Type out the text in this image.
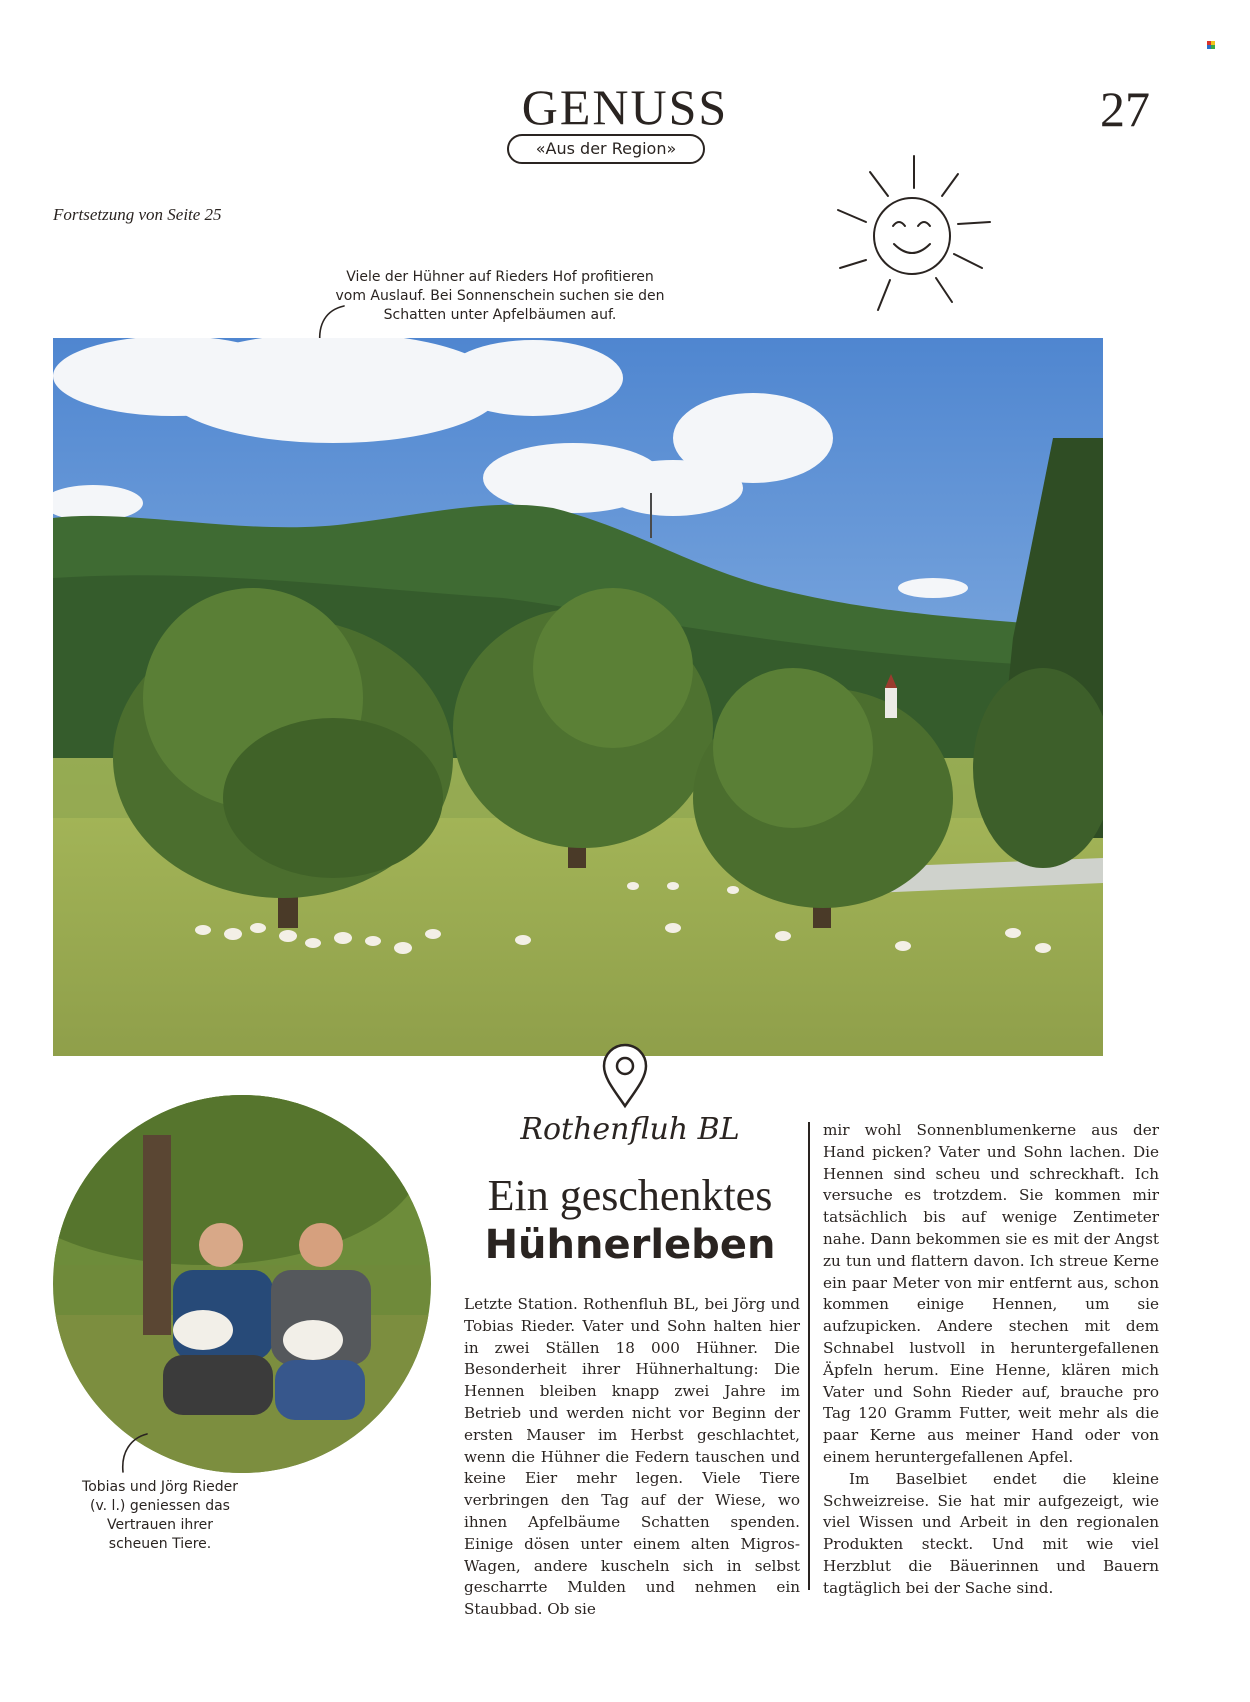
GENUSS
«Aus der Region»
27
Fortsetzung von Seite 25
Viele der Hühner auf Rieders Hof profitieren vom Auslauf. Bei Sonnenschein suchen sie den Schatten unter Apfelbäumen auf.
Tobias und Jörg Rieder (v. l.) geniessen das Vertrauen ihrer scheuen Tiere.
Rothenfluh BL
Ein geschenktes
Hühnerleben
Letzte Station. Rothenfluh BL, bei Jörg und Tobias Rieder. Vater und Sohn halten hier in zwei Ställen 18 000 Hühner. Die Besonderheit ihrer Hühnerhaltung: Die Hennen bleiben knapp zwei Jahre im Betrieb und werden nicht vor Beginn der ersten Mauser im Herbst geschlachtet, wenn die Hühner die Federn tauschen und keine Eier mehr legen. Viele Tiere verbringen den Tag auf der Wiese, wo ihnen Apfelbäume Schatten spenden. Einige dösen unter einem alten Migros-Wagen, andere kuscheln sich in selbst gescharrte Mulden und nehmen ein Staubbad. Ob sie
mir wohl Sonnenblumenkerne aus der Hand picken? Vater und Sohn lachen. Die Hennen sind scheu und schreckhaft. Ich versuche es trotzdem. Sie kommen mir tatsächlich bis auf wenige Zentimeter nahe. Dann bekommen sie es mit der Angst zu tun und flattern davon. Ich streue Kerne ein paar Meter von mir entfernt aus, schon kommen einige Hennen, um sie aufzupicken. Andere stechen mit dem Schnabel lustvoll in heruntergefallenen Äpfeln herum. Eine Henne, klären mich Vater und Sohn Rieder auf, brauche pro Tag 120 Gramm Futter, weit mehr als die paar Kerne aus meiner Hand oder von einem heruntergefallenen Apfel.
Im Baselbiet endet die kleine Schweizreise. Sie hat mir aufgezeigt, wie viel Wissen und Arbeit in den regionalen Produkten steckt. Und mit wie viel Herzblut die Bäuerinnen und Bauern tagtäglich bei der Sache sind.
